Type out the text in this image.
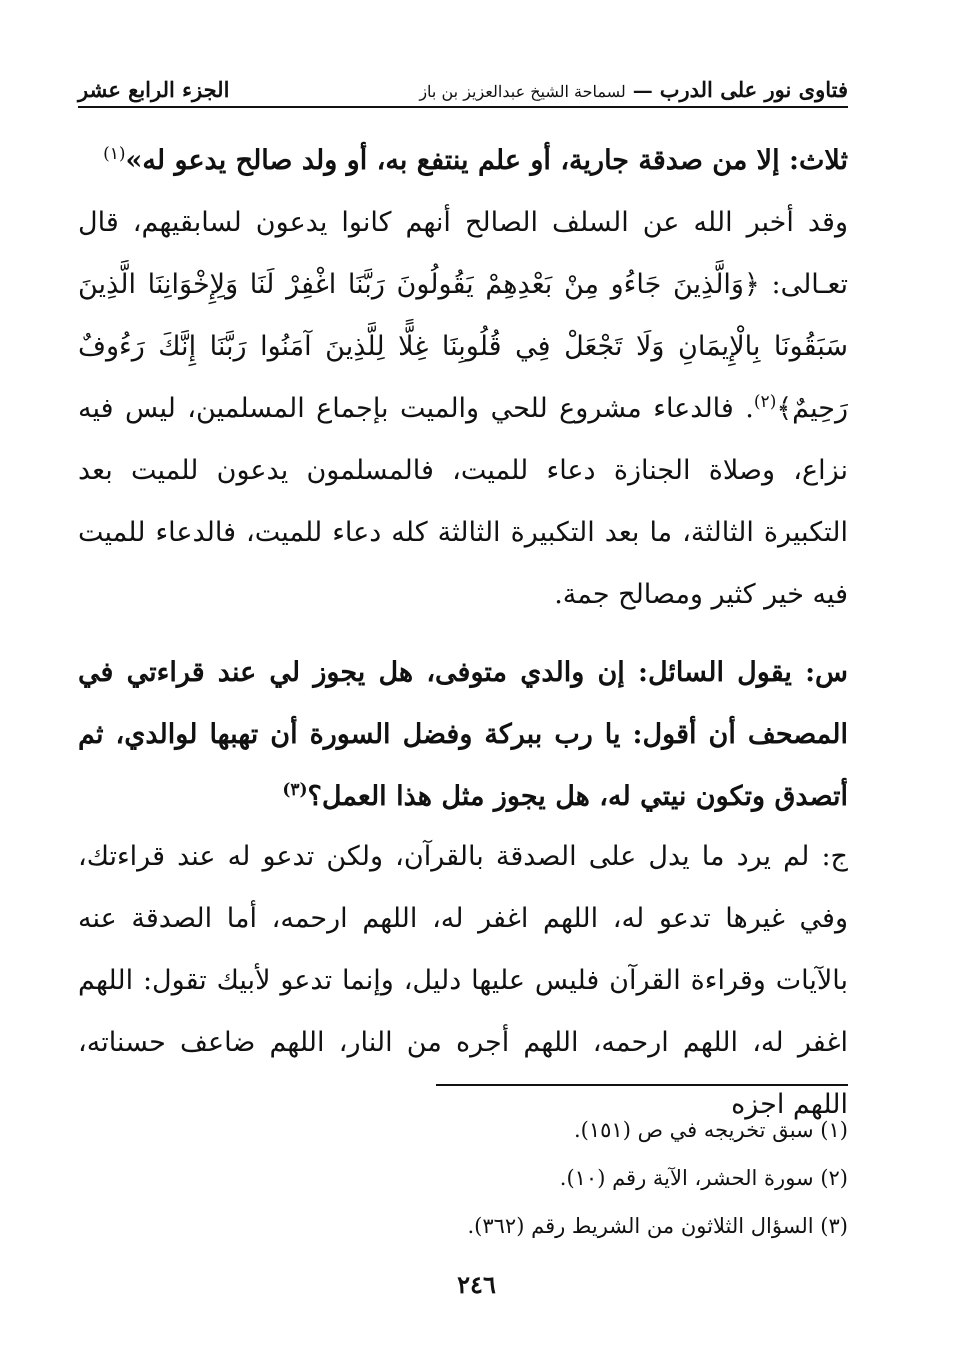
فتاوى نور على الدرب — لسماحة الشيخ عبدالعزيز بن باز
الجزء الرابع عشر

ثلاث: إلا من صدقة جارية، أو علم ينتفع به، أو ولد صالح يدعو له»$^{(١)}$

وقد أخبر الله عن السلف الصالح أنهم كانوا يدعون لسابقيهم، قال تعـالى: ﴿وَالَّذِينَ جَاءُو مِنْ بَعْدِهِمْ يَقُولُونَ رَبَّنَا اغْفِرْ لَنَا وَلِإِخْوَانِنَا الَّذِينَ سَبَقُونَا بِالْإِيمَانِ وَلَا تَجْعَلْ فِي قُلُوبِنَا غِلًّا لِلَّذِينَ آمَنُوا رَبَّنَا إِنَّكَ رَءُوفٌ رَحِيمٌ﴾$^{(٢)}$. فالدعاء مشروع للحي والميت بإجماع المسلمين، ليس فيه نزاع، وصلاة الجنازة دعاء للميت، فالمسلمون يدعون للميت بعد التكبيرة الثالثة، ما بعد التكبيرة الثالثة كله دعاء للميت، فالدعاء للميت فيه خير كثير ومصالح جمة.

س: يقول السائل: إن والدي متوفى، هل يجوز لي عند قراءتي في المصحف أن أقول: يا رب ببركة وفضل السورة أن تهبها لوالدي، ثم أتصدق وتكون نيتي له، هل يجوز مثل هذا العمل؟$^{(٣)}$

ج: لم يرد ما يدل على الصدقة بالقرآن، ولكن تدعو له عند قراءتك، وفي غيرها تدعو له، اللهم اغفر له، اللهم ارحمه، أما الصدقة عنه بالآيات وقراءة القرآن فليس عليها دليل، وإنما تدعو لأبيك تقول: اللهم اغفر له، اللهم ارحمه، اللهم أجره من النار، اللهم ضاعف حسناته، اللهم اجزه

(١) سبق تخريجه في ص (١٥١).
(٢) سورة الحشر، الآية رقم (١٠).
(٣) السؤال الثلاثون من الشريط رقم (٣٦٢).
٢٤٦
